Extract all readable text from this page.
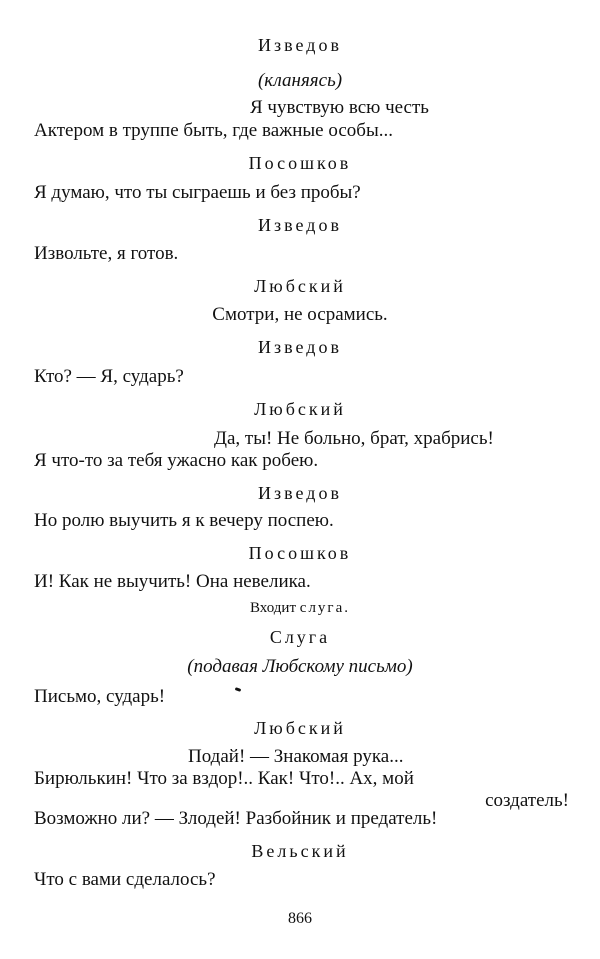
Изведов
(кланяясь)
Я чувствую всю честь
Актером в труппе быть, где важные особы...
Посошков
Я думаю, что ты сыграешь и без пробы?
Изведов
Извольте, я готов.
Любский
Смотри, не осрамись.
Изведов
Кто? — Я, сударь?
Любский
Да, ты! Не больно, брат, храбрись!
Я что-то за тебя ужасно как робею.
Изведов
Но ролю выучить я к вечеру поспею.
Посошков
И! Как не выучить! Она невелика.
Входит слуга.
Слуга
(подавая Любскому письмо)
Письмо, сударь!
Любский
Подай! — Знакомая рука...
Бирюлькин! Что за вздор!.. Как! Что!.. Ах, мой
создатель!
Возможно ли? — Злодей! Разбойник и предатель!
Вельский
Что с вами сделалось?
866
